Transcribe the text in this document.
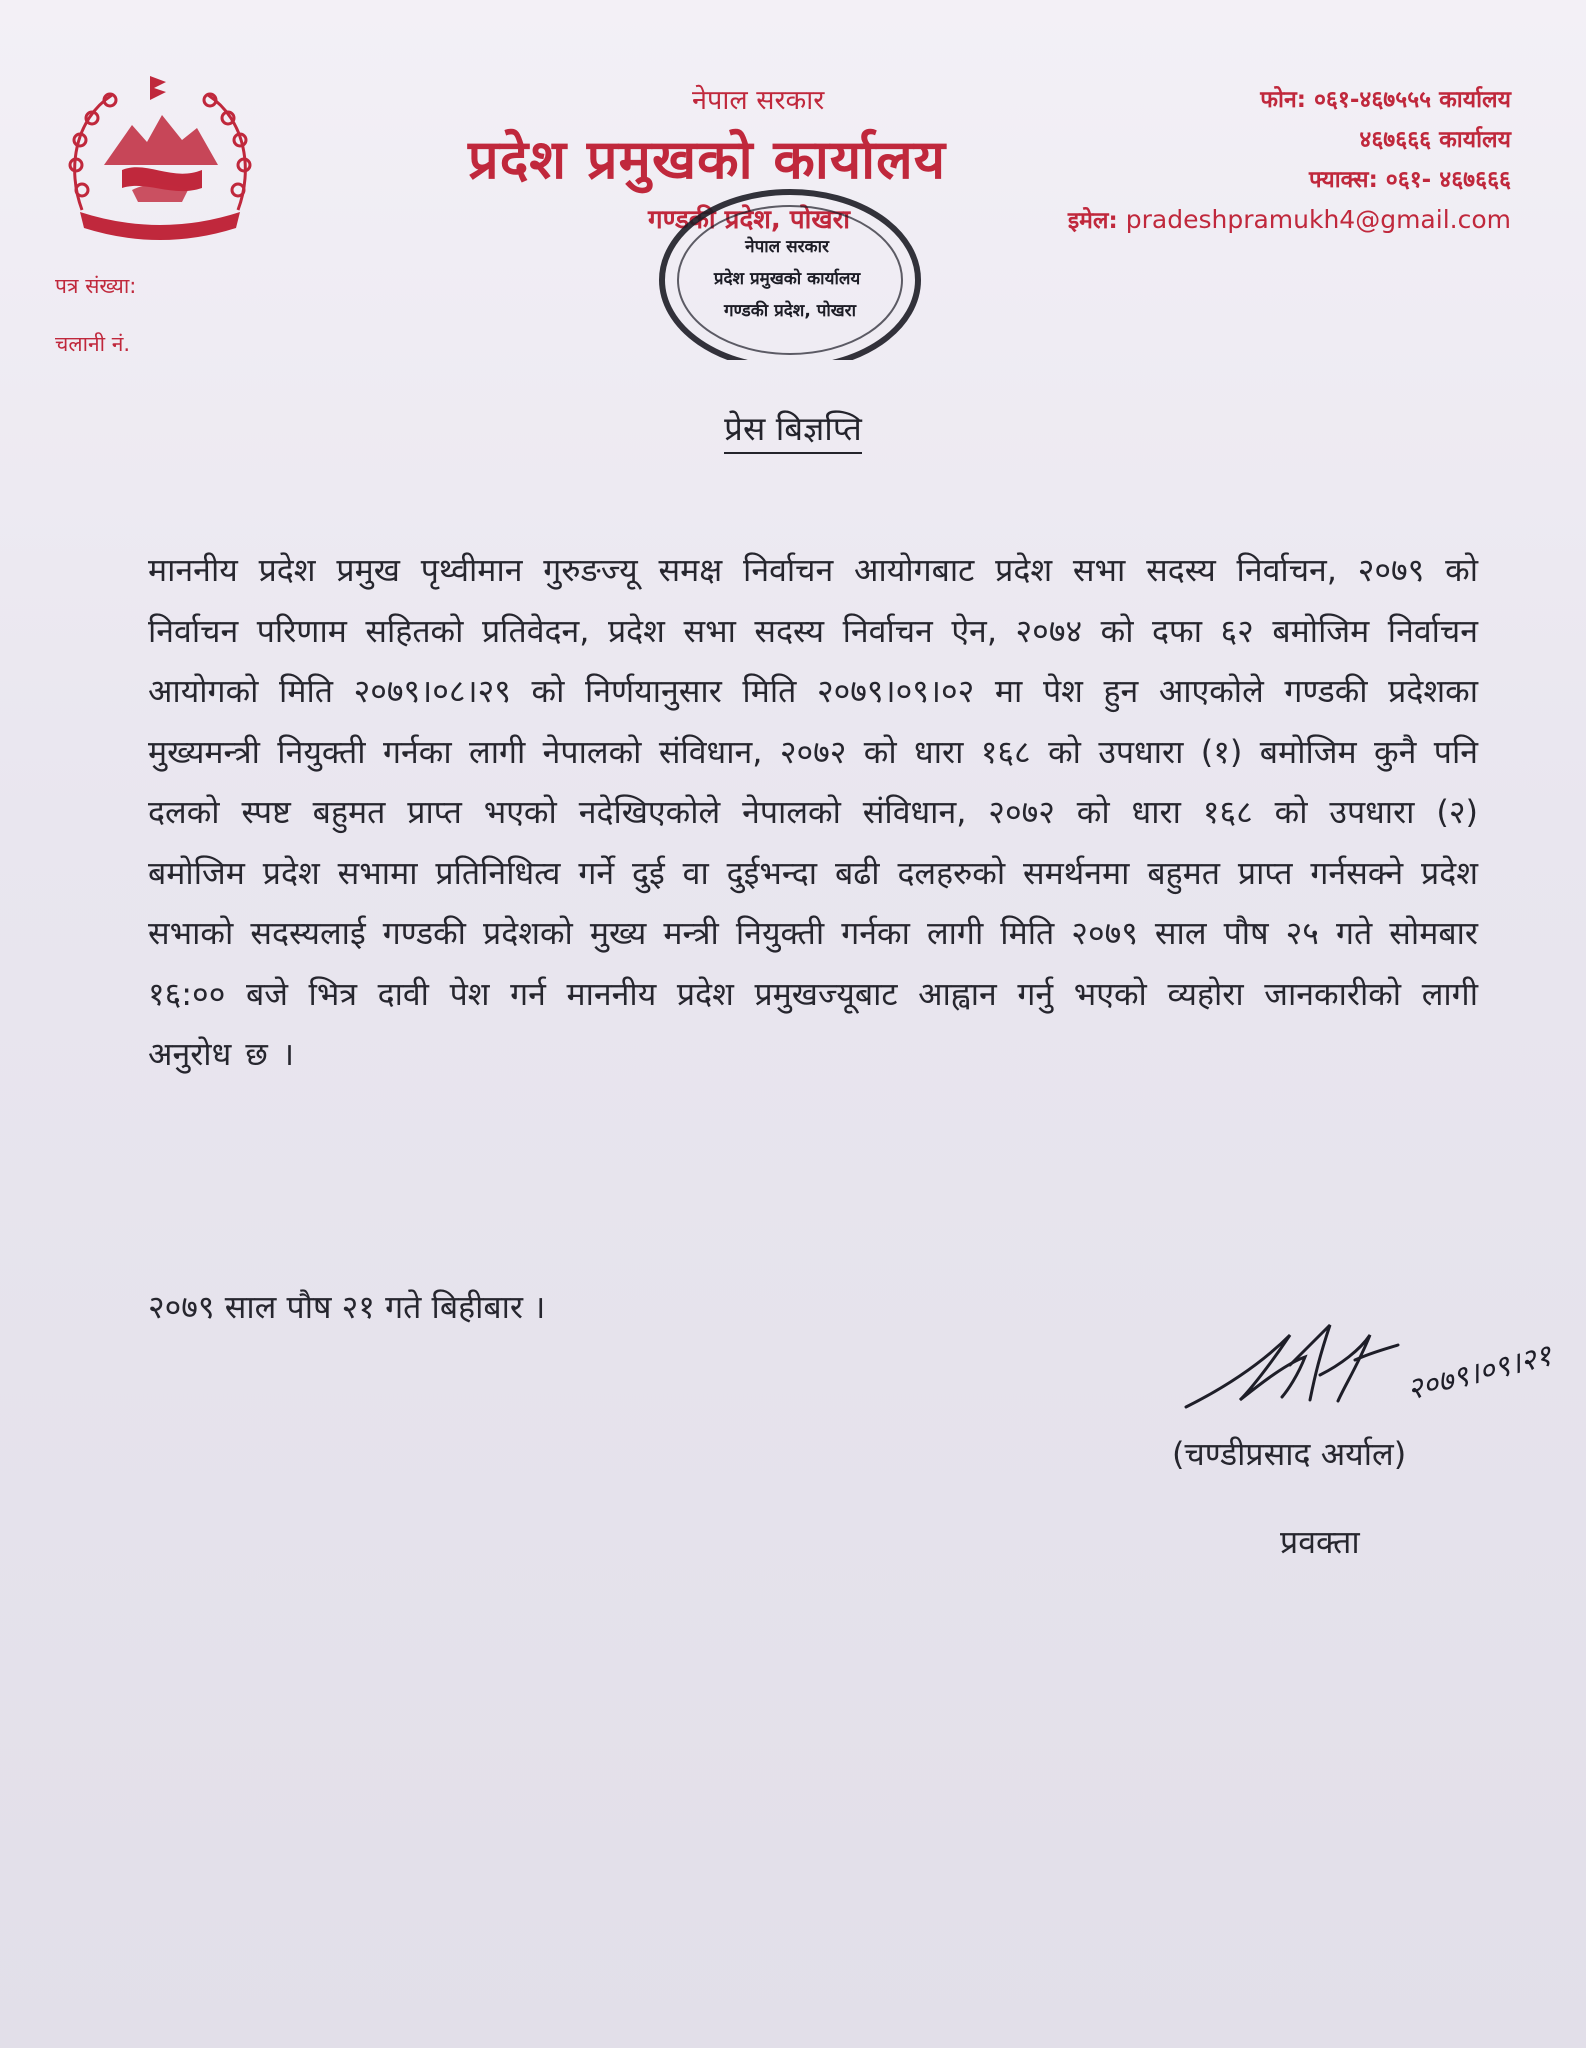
नेपाल सरकार
प्रदेश प्रमुखको कार्यालय
गण्डकी प्रदेश, पोखरा
फोन: ०६१-४६७५५५ कार्यालय
४६७६६६ कार्यालय
फ्याक्स: ०६१- ४६७६६६
इमेल: pradeshpramukh4@gmail.com
पत्र संख्या:
चलानी नं.
नेपाल सरकार प्रदेश प्रमुखको कार्यालय गण्डकी प्रदेश, पोखरा
प्रेस बिज्ञप्ति
माननीय प्रदेश प्रमुख पृथ्वीमान गुरुङज्यू समक्ष निर्वाचन आयोगबाट प्रदेश सभा सदस्य निर्वाचन, २०७९ को निर्वाचन परिणाम सहितको प्रतिवेदन, प्रदेश सभा सदस्य निर्वाचन ऐन, २०७४ को दफा ६२ बमोजिम निर्वाचन आयोगको मिति २०७९।०८।२९ को निर्णयानुसार मिति २०७९।०९।०२ मा पेश हुन आएकोले गण्डकी प्रदेशका मुख्यमन्त्री नियुक्ती गर्नका लागी नेपालको संविधान, २०७२ को धारा १६८ को उपधारा (१) बमोजिम कुनै पनि दलको स्पष्ट बहुमत प्राप्त भएको नदेखिएकोले नेपालको संविधान, २०७२ को धारा १६८ को उपधारा (२) बमोजिम प्रदेश सभामा प्रतिनिधित्व गर्ने दुई वा दुईभन्दा बढी दलहरुको समर्थनमा बहुमत प्राप्त गर्नसक्ने प्रदेश सभाको सदस्यलाई गण्डकी प्रदेशको मुख्य मन्त्री नियुक्ती गर्नका लागी मिति २०७९ साल पौष २५ गते सोमबार १६:०० बजे भित्र दावी पेश गर्न माननीय प्रदेश प्रमुखज्यूबाट आह्वान गर्नु भएको व्यहोरा जानकारीको लागी अनुरोध छ ।
२०७९ साल पौष २१ गते बिहीबार ।
२०७९।०९।२१
(चण्डीप्रसाद अर्याल)
प्रवक्ता
